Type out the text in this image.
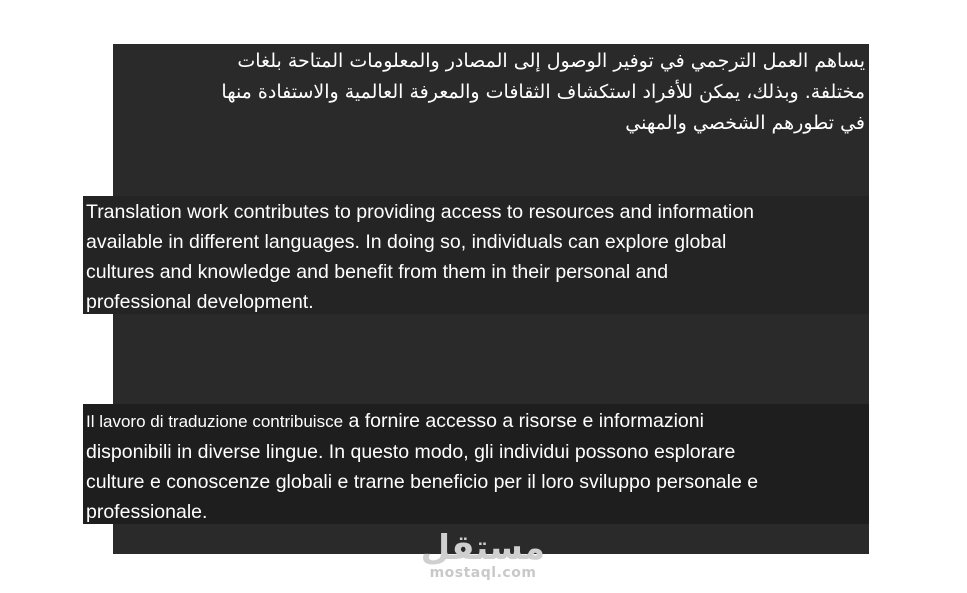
يساهم العمل الترجمي في توفير الوصول إلى المصادر والمعلومات المتاحة بلغات
مختلفة. وبذلك، يمكن للأفراد استكشاف الثقافات والمعرفة العالمية والاستفادة منها
في تطورهم الشخصي والمهني
Translation work contributes to providing access to resources and information
available in different languages. In doing so, individuals can explore global
cultures and knowledge and benefit from them in their personal and
professional development.
Il lavoro di traduzione contribuisce a fornire accesso a risorse e informazioni
disponibili in diverse lingue. In questo modo, gli individui possono esplorare
culture e conoscenze globali e trarne beneficio per il loro sviluppo personale e
professionale.
مستقل
mostaql.com
